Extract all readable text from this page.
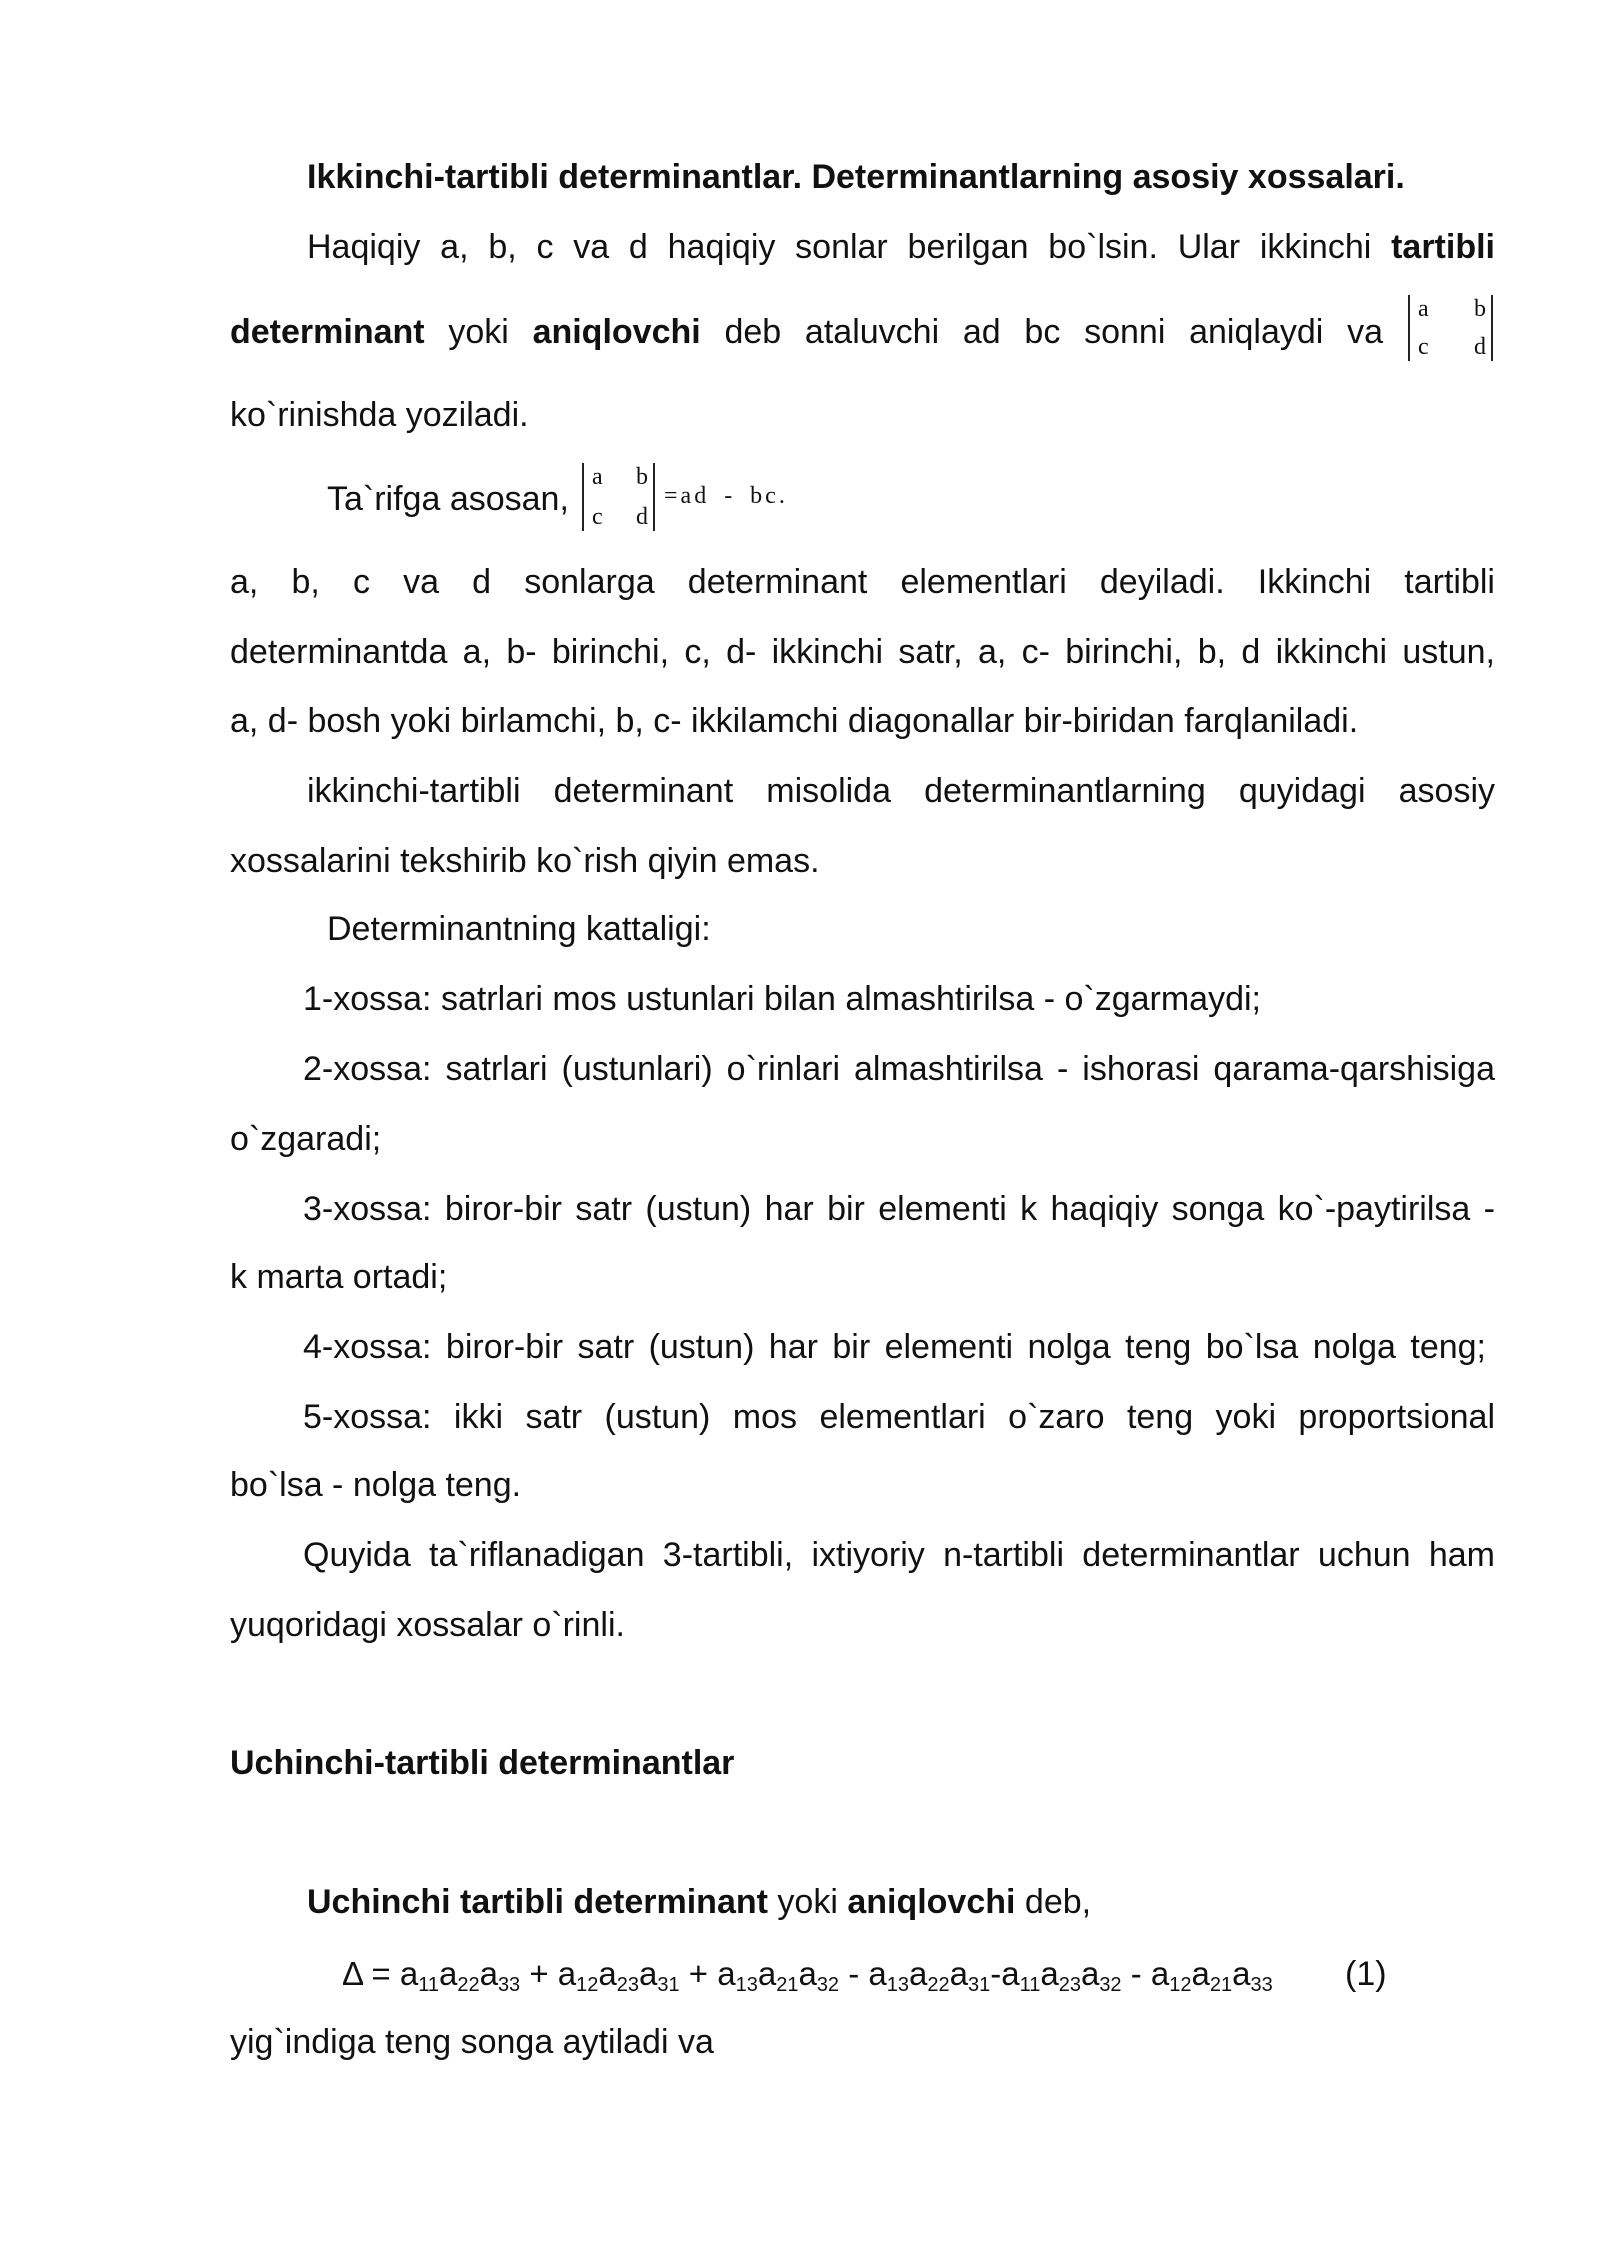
Ikkinchi-tartibli determinantlar. Determinantlarning asosiy xossalari.
Haqiqiy a, b, c va d haqiqiy sonlar berilgan bo`lsin. Ular ikkinchi tartibli
determinant yoki aniqlovchi deb ataluvchi ad bc sonni aniqlaydi va
a b
c d
ko`rinishda yoziladi.
Ta`rifga asosan,
a b
c d
=ad - bc.
a, b, c va d sonlarga determinant elementlari deyiladi. Ikkinchi tartibli
determinantda a, b- birinchi, c, d- ikkinchi satr, a, c- birinchi, b, d ikkinchi ustun,
a, d- bosh yoki birlamchi, b, c- ikkilamchi diagonallar bir-biridan farqlaniladi.
ikkinchi-tartibli determinant misolida determinantlarning quyidagi asosiy
xossalarini tekshirib ko`rish qiyin emas.
Determinantning kattaligi:
1-xossa: satrlari mos ustunlari bilan almashtirilsa - o`zgarmaydi;
2-xossa: satrlari (ustunlari) o`rinlari almashtirilsa - ishorasi qarama-qarshisiga
o`zgaradi;
3-xossa: biror-bir satr (ustun) har bir elementi k haqiqiy songa ko`-paytirilsa -
k marta ortadi;
4-xossa: biror-bir satr (ustun) har bir elementi nolga teng bo`lsa nolga teng;
5-xossa: ikki satr (ustun) mos elementlari o`zaro teng yoki proportsional
bo`lsa - nolga teng.
Quyida ta`riflanadigan 3-tartibli, ixtiyoriy n-tartibli determinantlar uchun ham
yuqoridagi xossalar o`rinli.
Uchinchi-tartibli determinantlar
Uchinchi tartibli determinant yoki aniqlovchi deb,
$\Delta = a_{11}a_{22}a_{33} + a_{12}a_{23}a_{31} + a_{13}a_{21}a_{32} - a_{13}a_{22}a_{31}-a_{11}a_{23}a_{32} - a_{12}a_{21}a_{33}$ (1)
yig`indiga teng songa aytiladi va
